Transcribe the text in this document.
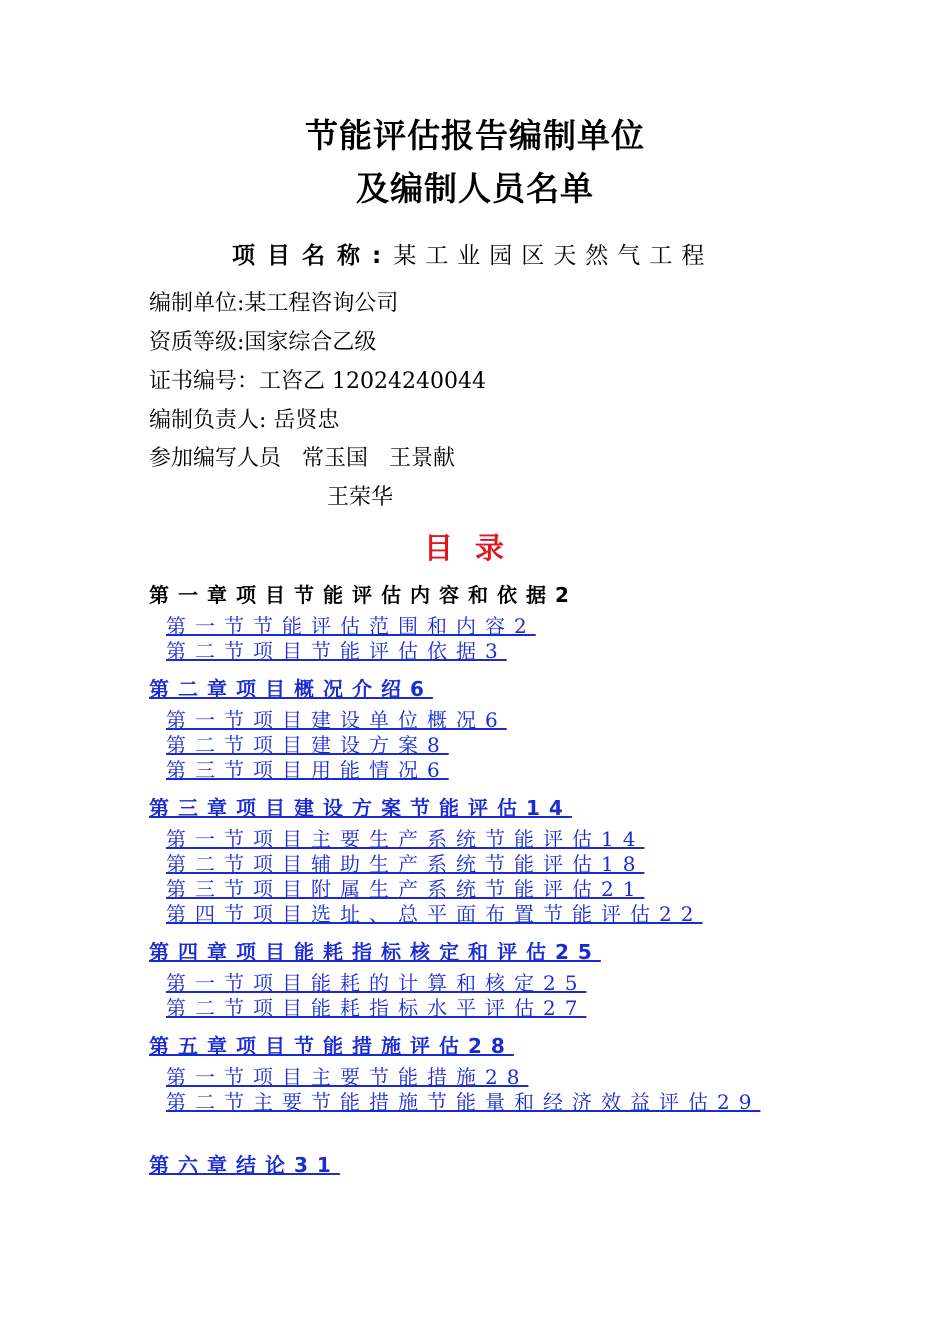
节能评估报告编制单位
及编制人员名单
项目名称:某工业园区天然气工程
编制单位:某工程咨询公司
资质等级:国家综合乙级
证书编号：工咨乙 12024240044
编制负责人: 岳贤忠
参加编写人员   常玉国   王景献
王荣华
目录
第一章项目节能评估内容和依据2
第一节节能评估范围和内容2
第二节项目节能评估依据3
第二章项目概况介绍6
第一节项目建设单位概况6
第二节项目建设方案8
第三节项目用能情况6
第三章项目建设方案节能评估14
第一节项目主要生产系统节能评估14
第二节项目辅助生产系统节能评估18
第三节项目附属生产系统节能评估21
第四节项目选址、总平面布置节能评估22
第四章项目能耗指标核定和评估25
第一节项目能耗的计算和核定25
第二节项目能耗指标水平评估27
第五章项目节能措施评估28
第一节项目主要节能措施28
第二节主要节能措施节能量和经济效益评估29
第六章结论31
